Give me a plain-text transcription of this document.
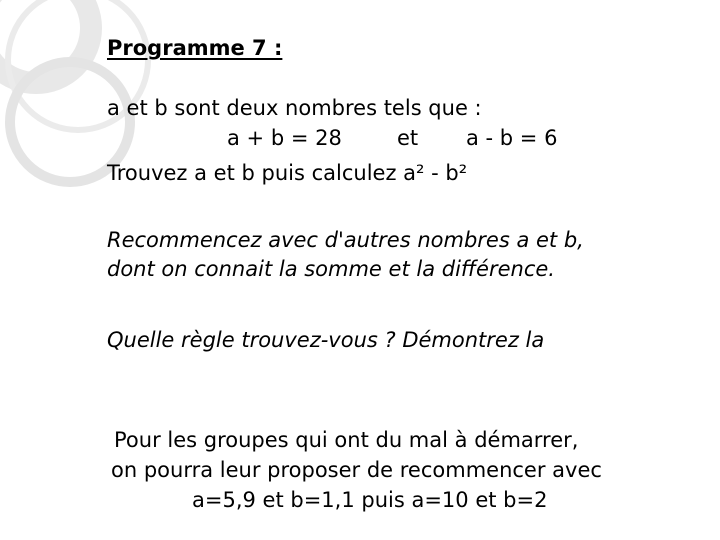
Programme 7 :
a et b sont deux nombres tels que :
a + b = 28	et a - b = 6
Trouvez a et b puis calculez a² - b²
Recommencez avec d'autres nombres a et b,
dont on connait la somme et la différence.
Quelle règle trouvez-vous ? Démontrez la
Pour les groupes qui ont du mal à démarrer,
on pourra leur proposer de recommencer avec
a=5,9 et b=1,1 puis a=10 et b=2
